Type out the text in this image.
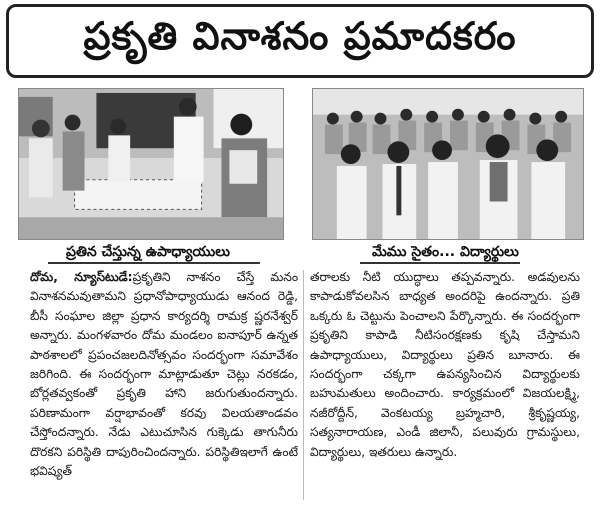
ప్రకృతి వినాశనం ప్రమాదకరం
ప్రతిన చేస్తున్న ఉపాధ్యాయులు	మేము సైతం... విద్యార్థులు
దోమ, న్యూస్‌టుడే:ప్రకృతిని నాశనం చేస్తే మనం వినాశనమవుతామని ప్రధానోపాధ్యాయుడు ఆనంద రెడ్డి, బీసీ సంఘాల జిల్లా ప్రధాన కార్యదర్శి రామక్ర ష్ణరనేశ్వర్ అన్నారు. మంగళవారం దోమ మండలం ఐనాపూర్ ఉన్నత పాఠశాలలో ప్రపంచజలదినోత్సవం సందర్భంగా సమావేశం జరిగింది. ఈ సందర్భంగా మాట్లాడుతూ చెట్లు నరకడం, బోర్లతవ్వకంతో ప్రకృతి హాని జరుగుతుందన్నారు. పరిణామంగా వర్షాభావంతో కరవు విలయతాండవం చేస్తోందన్నారు. నేడు ఎటుచూసిన గుక్కెడు తాగునీరు దొరకని పరిస్థితి దాపురించిందన్నారు. పరిస్థితిఇలాగే ఉంటే భవిష్యత్
తరాలకు నీటి యుద్ధాలు తప్పవన్నారు. అడవులను కాపాడుకోవలసిన బాధ్యత అందరిపై ఉందన్నారు. ప్రతి ఒక్కరు ఓ చెట్టును పెంచాలని పేర్కొన్నారు. ఈ సందర్భంగా ప్రకృతిని కాపాడి నీటిసంరక్షణకు కృషి చేస్తామని ఉపాధ్యాయులు, విద్యార్థులు ప్రతిన బూనారు. ఈ సందర్భంగా చక్కగా ఉపన్యసించిన విద్యార్థులకు బహుమతులు అందించారు. కార్యక్రమంలో విజయలక్ష్మి, నజీరోద్దీన్, వెంకటయ్య బ్రహ్మచారి, శ్రీకృష్ణయ్య, సత్యనారాయణ, ఎండీ జిలానీ, పలువురు గ్రామస్థులు, విద్యార్థులు, ఇతరులు ఉన్నారు.
